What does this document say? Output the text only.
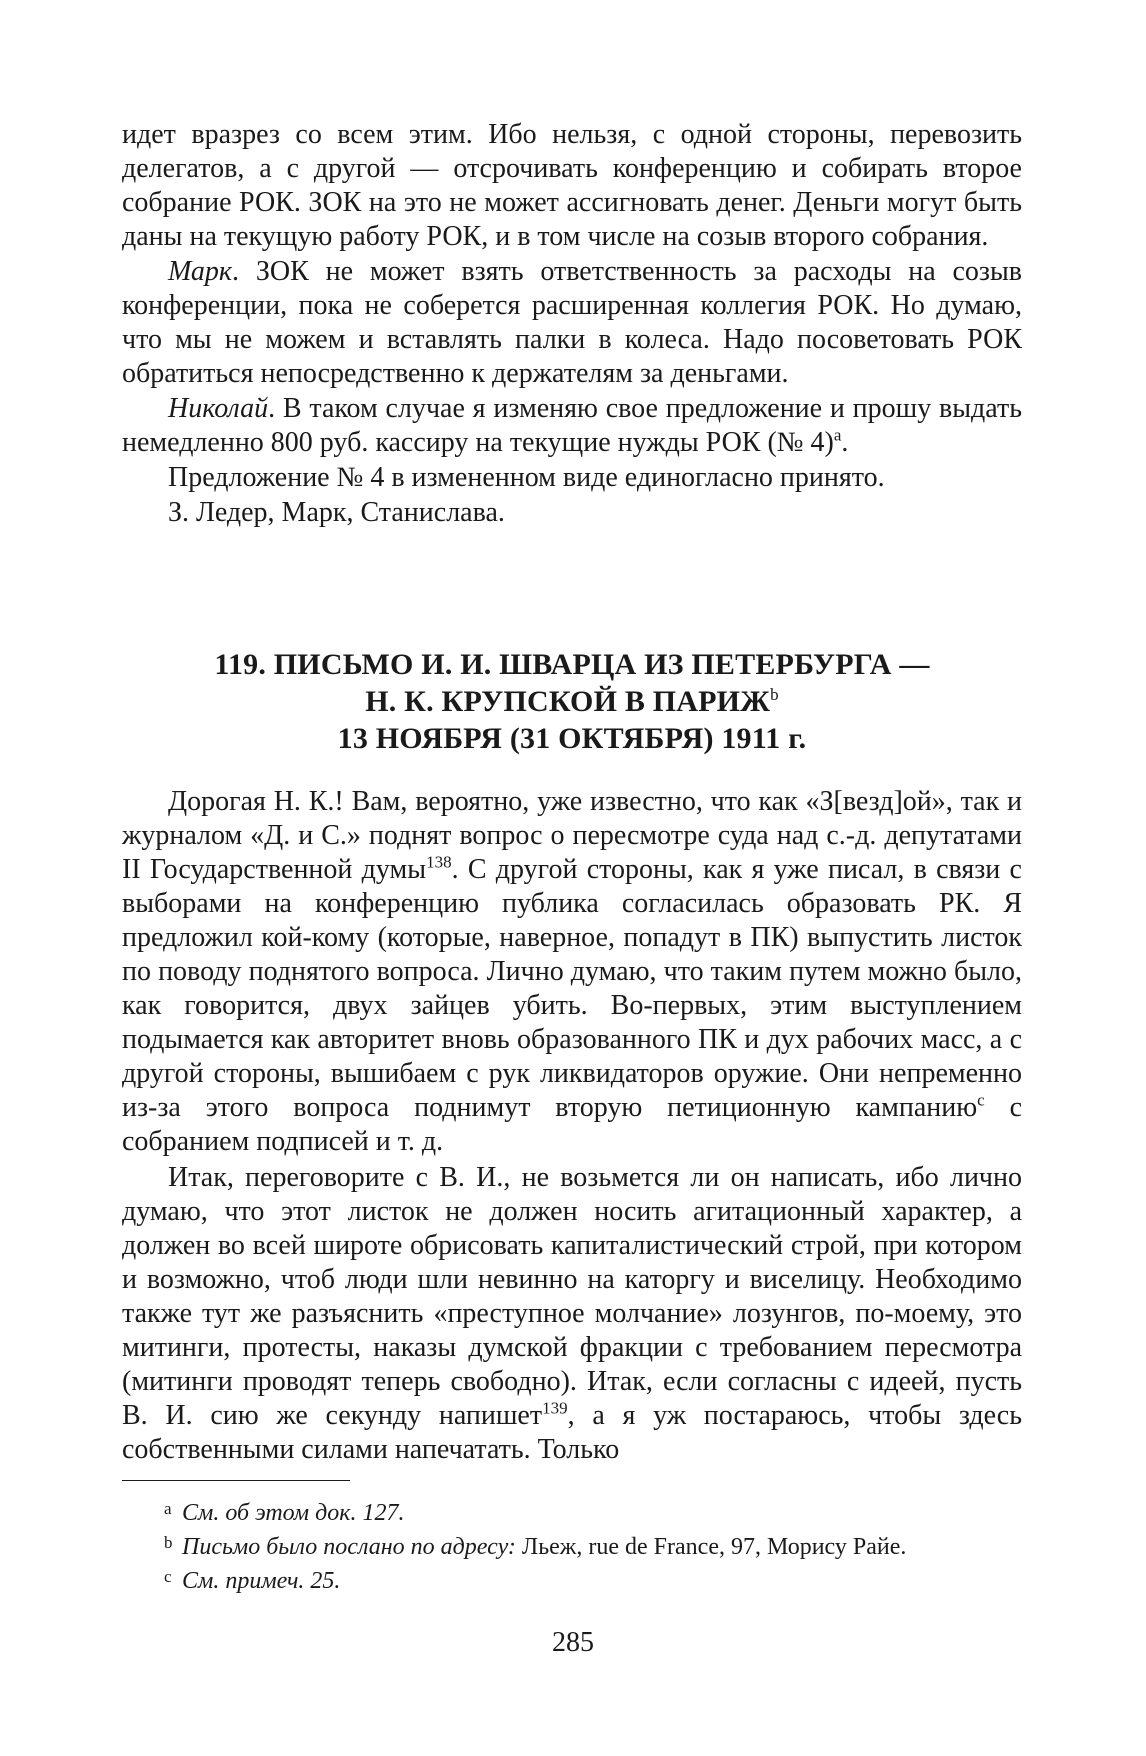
идет вразрез со всем этим. Ибо нельзя, с одной стороны, перевозить делегатов, а с другой — отсрочивать конференцию и собирать второе собрание РОК. ЗОК на это не может ассигновать денег. Деньги могут быть даны на текущую работу РОК, и в том числе на созыв второго собрания.

Марк. ЗОК не может взять ответственность за расходы на созыв конференции, пока не соберется расширенная коллегия РОК. Но думаю, что мы не можем и вставлять палки в колеса. Надо посоветовать РОК обратиться непосредственно к держателям за деньгами.

Николай. В таком случае я изменяю свое предложение и прошу выдать немедленно 800 руб. кассиру на текущие нужды РОК (№ 4)$^a$.

Предложение № 4 в измененном виде единогласно принято.

З. Ледер, Марк, Станислава.

119. ПИСЬМО И. И. ШВАРЦА ИЗ ПЕТЕРБУРГА —
Н. К. КРУПСКОЙ В ПАРИЖ$^b$
13 НОЯБРЯ (31 ОКТЯБРЯ) 1911 г.

Дорогая Н. К.! Вам, вероятно, уже известно, что как «З[везд]ой», так и журналом «Д. и С.» поднят вопрос о пересмотре суда над с.-д. депутатами II Государственной думы$^{138}$. С другой стороны, как я уже писал, в связи с выборами на конференцию публика согласилась образовать РК. Я предложил кой-кому (которые, наверное, попадут в ПК) выпустить листок по поводу поднятого вопроса. Лично думаю, что таким путем можно было, как говорится, двух зайцев убить. Во-первых, этим выступлением подымается как авторитет вновь образованного ПК и дух рабочих масс, а с другой стороны, вышибаем с рук ликвидаторов оружие. Они непременно из-за этого вопроса поднимут вторую петиционную кампанию$^c$ с собранием подписей и т. д.

Итак, переговорите с В. И., не возьмется ли он написать, ибо лично думаю, что этот листок не должен носить агитационный характер, а должен во всей широте обрисовать капиталистический строй, при котором и возможно, чтоб люди шли невинно на каторгу и виселицу. Необходимо также тут же разъяснить «преступное молчание» лозунгов, по-моему, это митинги, протесты, наказы думской фракции с требованием пересмотра (митинги проводят теперь свободно). Итак, если согласны с идеей, пусть В. И. сию же секунду напишет$^{139}$, а я уж постараюсь, чтобы здесь собственными силами напечатать. Только

a См. об этом док. 127.
b Письмо было послано по адресу: Льеж, rue de France, 97, Морису Райе.
c См. примеч. 25.
285
